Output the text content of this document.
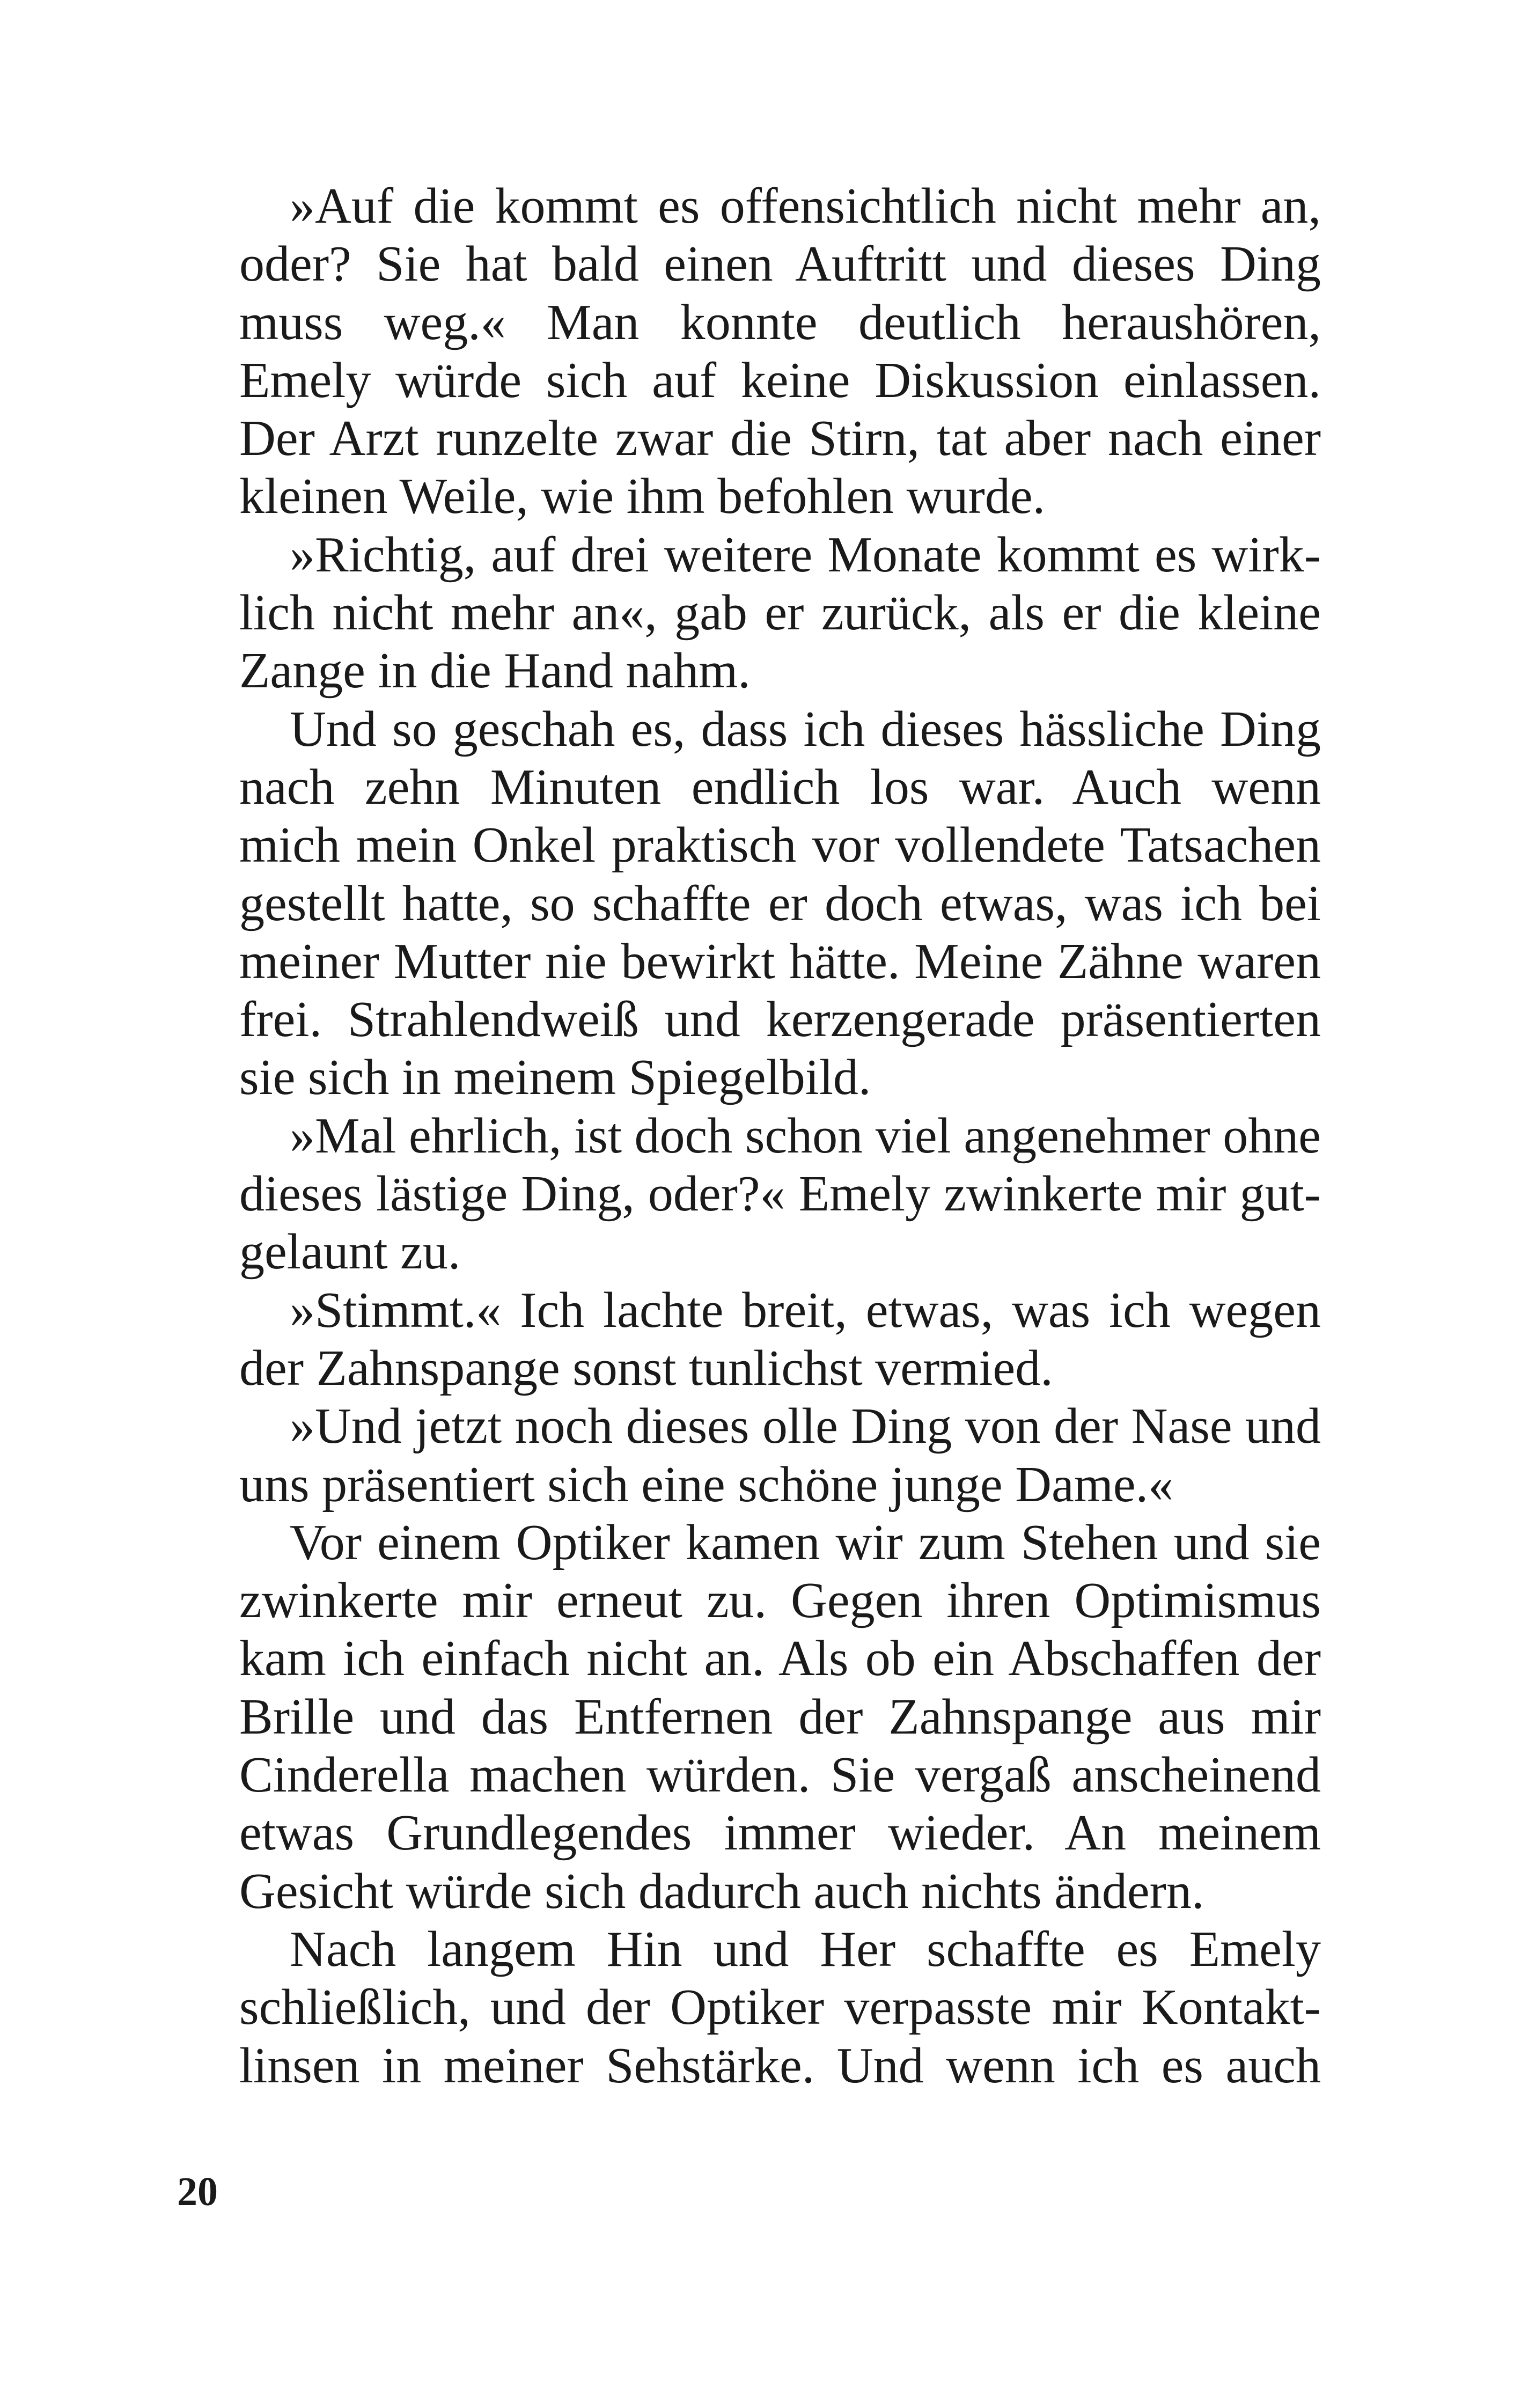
»Auf die kommt es offensichtlich nicht mehr an,
oder? Sie hat bald einen Auftritt und dieses Ding
muss weg.« Man konnte deutlich heraushören,
Emely würde sich auf keine Diskussion einlassen.
Der Arzt runzelte zwar die Stirn, tat aber nach einer
kleinen Weile, wie ihm befohlen wurde.
»Richtig, auf drei weitere Monate kommt es wirk-
lich nicht mehr an«, gab er zurück, als er die kleine
Zange in die Hand nahm.
Und so geschah es, dass ich dieses hässliche Ding
nach zehn Minuten endlich los war. Auch wenn
mich mein Onkel praktisch vor vollendete Tatsachen
gestellt hatte, so schaffte er doch etwas, was ich bei
meiner Mutter nie bewirkt hätte. Meine Zähne waren
frei. Strahlendweiß und kerzengerade präsentierten
sie sich in meinem Spiegelbild.
»Mal ehrlich, ist doch schon viel angenehmer ohne
dieses lästige Ding, oder?« Emely zwinkerte mir gut-
gelaunt zu.
»Stimmt.« Ich lachte breit, etwas, was ich wegen
der Zahnspange sonst tunlichst vermied.
»Und jetzt noch dieses olle Ding von der Nase und
uns präsentiert sich eine schöne junge Dame.«
Vor einem Optiker kamen wir zum Stehen und sie
zwinkerte mir erneut zu. Gegen ihren Optimismus
kam ich einfach nicht an. Als ob ein Abschaffen der
Brille und das Entfernen der Zahnspange aus mir
Cinderella machen würden. Sie vergaß anscheinend
etwas Grundlegendes immer wieder. An meinem
Gesicht würde sich dadurch auch nichts ändern.
Nach langem Hin und Her schaffte es Emely
schließlich, und der Optiker verpasste mir Kontakt-
linsen in meiner Sehstärke. Und wenn ich es auch
20
